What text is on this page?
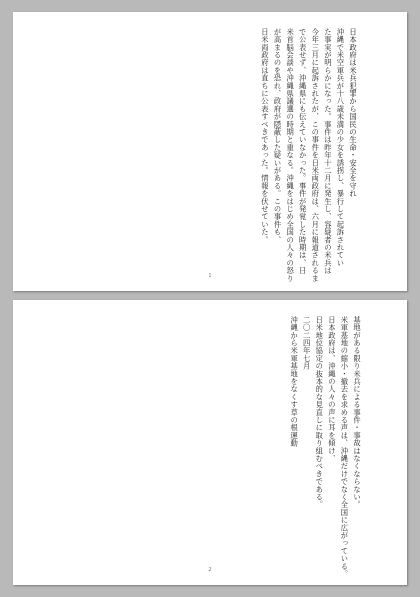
日本政府は米兵犯罪から国民の生命・安全を守れ
沖縄で米空軍兵が十八歳未満の少女を誘拐し、暴行して起訴されてい
た事実が明らかになった。事件は昨年十二月に発生し、容疑者の米兵は
今年三月に起訴されたが、この事件を日米両政府は、六月に報道されるま
で公表せず、沖縄県にも伝えていなかった。事件が発覚した時期は、日
米首脳会談や沖縄県議選の時期と重なる。沖縄をはじめ全国の人々の怒り
が高まるのを恐れ、政府が隠蔽した疑いがある。この事件も、
日米両政府は直ちに公表すべきであった。情報を伏せていた。
1
基地がある限り米兵による事件・事故はなくならない。
米軍基地の縮小・撤去を求める声は、沖縄だけでなく全国に広がっている。
日本政府は、沖縄の人々の声に耳を傾け、
日米地位協定の抜本的な見直しに取り組むべきである。
二〇二四年七月
沖縄から米軍基地をなくす草の根運動
2
